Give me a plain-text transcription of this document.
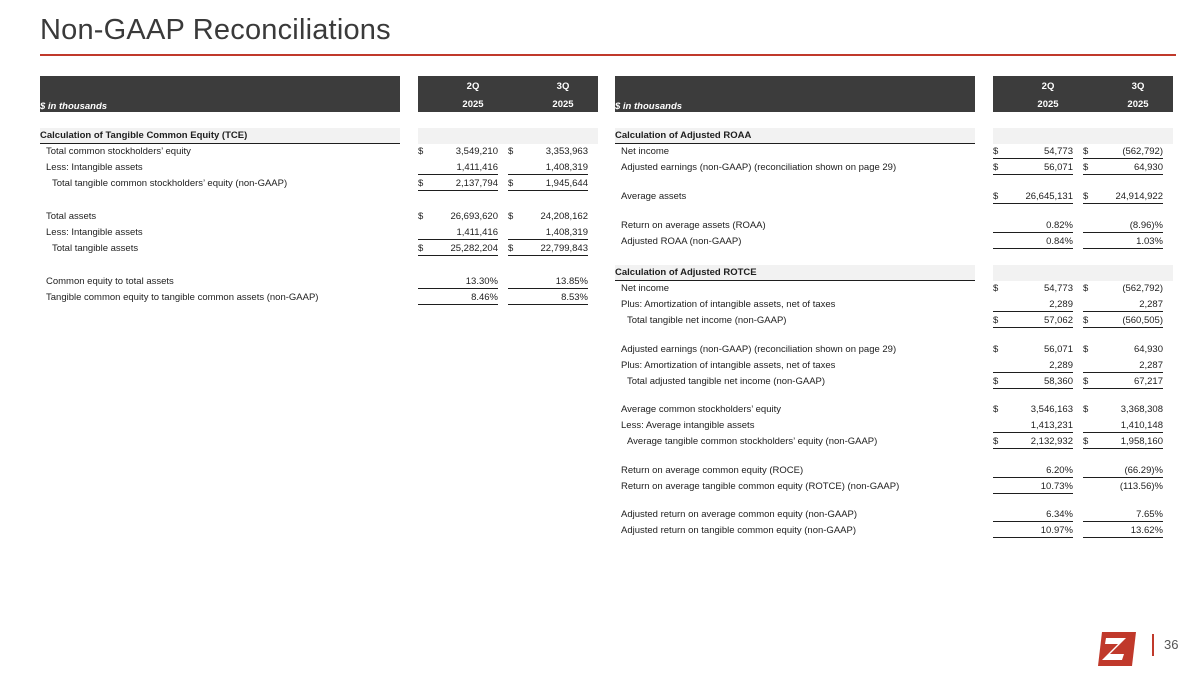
Non-GAAP Reconciliations
$ in thousands
2Q
2025
3Q
2025
Calculation of Tangible Common Equity (TCE)
Total common stockholders’ equity	$	3,549,210 $	3,353,963
Less: Intangible assets	1,411,416	1,408,319
Total tangible common stockholders’ equity (non-GAAP)	$	2,137,794 $	1,945,644
Total assets	$	26,693,620 $	24,208,162
Less: Intangible assets	1,411,416	1,408,319
Total tangible assets	$	25,282,204 $	22,799,843
Common equity to total assets	13.30%	13.85%
Tangible common equity to tangible common assets (non-GAAP)	8.46%	8.53%
$ in thousands
2Q
2025
3Q
2025
Calculation of Adjusted ROAA
Net income	$	54,773 $	(562,792)
Adjusted earnings (non-GAAP) (reconciliation shown on page 29)	$	56,071 $	64,930
Average assets	$	26,645,131 $	24,914,922
Return on average assets (ROAA)	0.82%	(8.96)%
Adjusted ROAA (non-GAAP)	0.84%	1.03%
Calculation of Adjusted ROTCE
Net income	$	54,773 $	(562,792)
Plus: Amortization of intangible assets, net of taxes	2,289	2,287
Total tangible net income (non-GAAP)	$	57,062 $	(560,505)
Adjusted earnings (non-GAAP) (reconciliation shown on page 29)	$	56,071 $	64,930
Plus: Amortization of intangible assets, net of taxes	2,289	2,287
Total adjusted tangible net income (non-GAAP)	$	58,360 $	67,217
Average common stockholders’ equity	$	3,546,163 $	3,368,308
Less: Average intangible assets	1,413,231	1,410,148
Average tangible common stockholders’ equity (non-GAAP)	$	2,132,932 $	1,958,160
Return on average common equity (ROCE)	6.20%	(66.29)%
Return on average tangible common equity (ROTCE) (non-GAAP)	10.73%	(113.56)%
Adjusted return on average common equity (non-GAAP)	6.34%	7.65%
Adjusted return on tangible common equity (non-GAAP)	10.97%	13.62%
36
